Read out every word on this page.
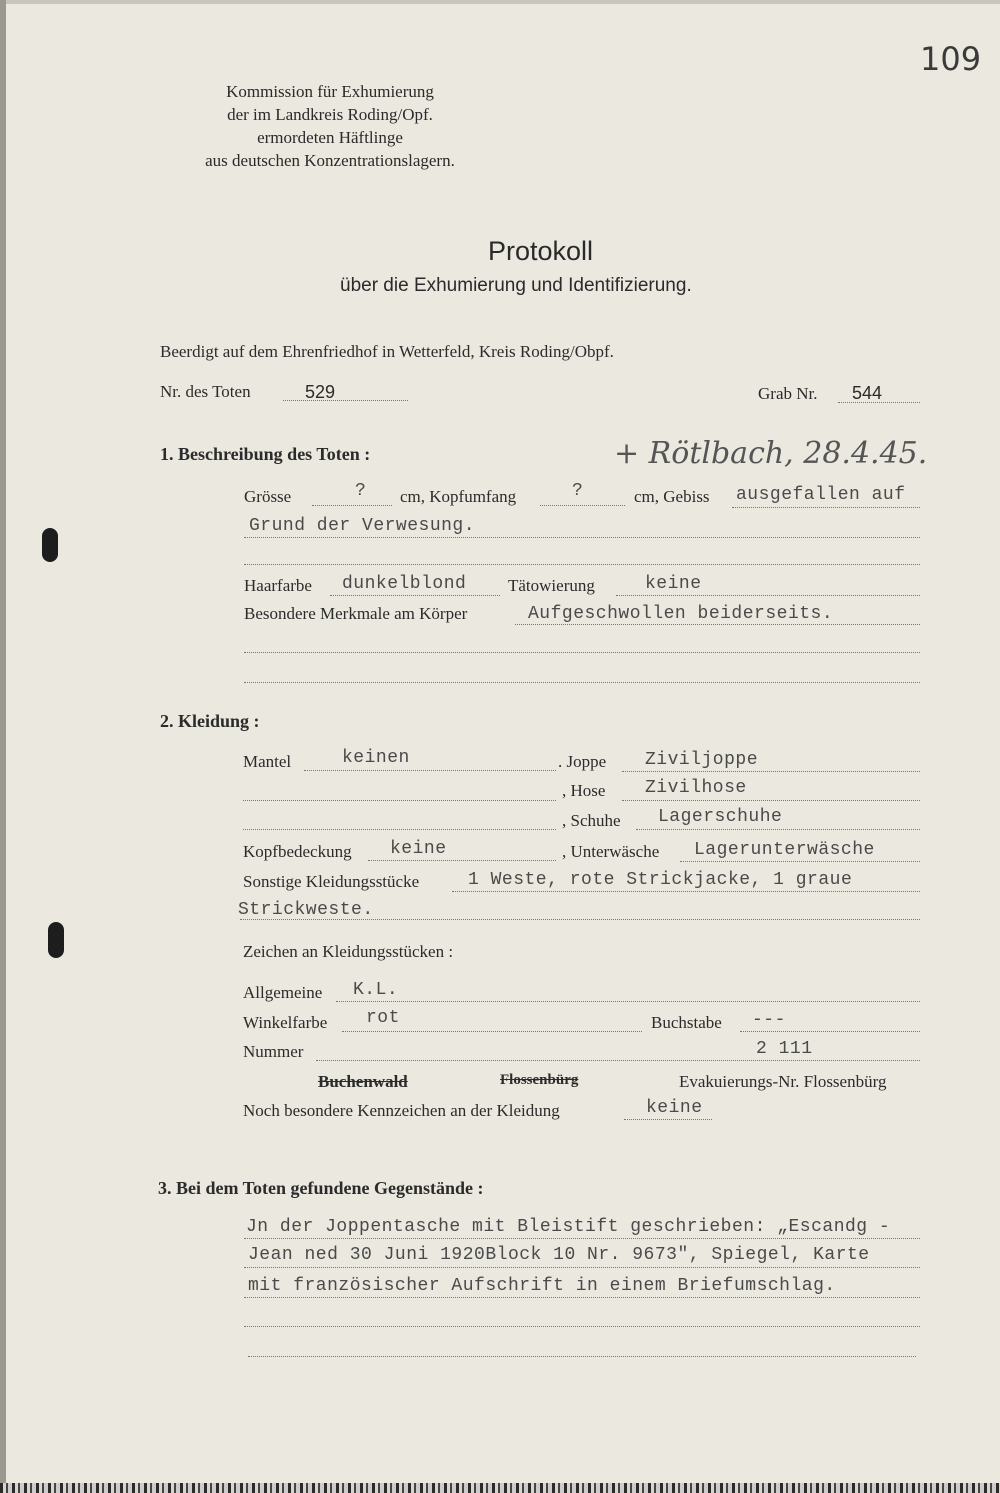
109
Kommission für Exhumierung
der im Landkreis Roding/Opf.
ermordeten Häftlinge
aus deutschen Konzentrationslagern.
Protokoll
über die Exhumierung und Identifizierung.
Beerdigt auf dem Ehrenfriedhof in Wetterfeld, Kreis Roding/Obpf.
Nr. des Toten	529	Grab Nr. 544
1. Beschreibung des Toten :	+ Rötlbach, 28.4.45.
Grösse	? cm, Kopfumfang	?	cm, Gebiss ausgefallen auf
Grund der Verwesung.
Haarfarbe dunkelblond Tätowierung	keine
Besondere Merkmale am Körper	Aufgeschwollen beiderseits.
2. Kleidung :
Mantel	keinen	. Joppe Ziviljoppe
, Hose Zivilhose
, Schuhe Lagerschuhe
Kopfbedeckung keine	, Unterwäsche Lagerunterwäsche
Sonstige Kleidungsstücke	1 Weste, rote Strickjacke, 1 graue
Strickweste.
Zeichen an Kleidungsstücken :
Allgemeine K.L.
Winkelfarbe rot	Buchstabe ---
Nummer	2 111
Buchenwald	Flossenbürg	Evakuierungs-Nr. Flossenbürg
Noch besondere Kennzeichen an der Kleidung	keine
3. Bei dem Toten gefundene Gegenstände :
Jn der Joppentasche mit Bleistift geschrieben: „Escandg -
Jean ned 30 Juni 1920Block 10 Nr. 9673", Spiegel, Karte
mit französischer Aufschrift in einem Briefumschlag.
